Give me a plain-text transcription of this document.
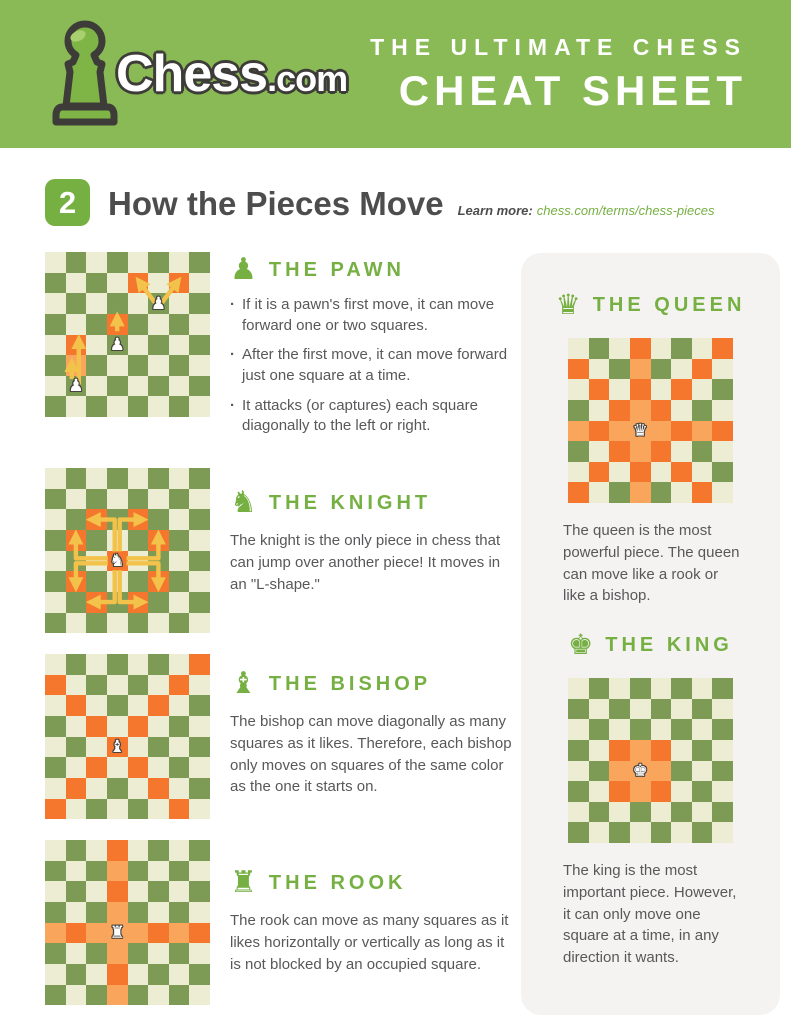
Chess.com
THE ULTIMATE CHESS
CHEAT SHEET
2 How the Pieces Move Learn more: chess.com/terms/chess-pieces
♟
♟
♟
♟ THE PAWN
· If it is a pawn's first move, it can move forward one or two squares.
· After the first move, it can move forward just one square at a time.
· It attacks (or captures) each square diagonally to the left or right.
♞
♞ THE KNIGHT
The knight is the only piece in chess that can jump over another piece! It moves in an "L-shape."
♝
♝ THE BISHOP
The bishop can move diagonally as many squares as it likes. Therefore, each bishop only moves on squares of the same color as the one it starts on.
♜
♜ THE ROOK
The rook can move as many squares as it likes horizontally or vertically as long as it is not blocked by an occupied square.
♛ THE QUEEN
♛
The queen is the most powerful piece. The queen can move like a rook or like a bishop.
♚ THE KING
♚
The king is the most important piece. However, it can only move one square at a time, in any direction it wants.
